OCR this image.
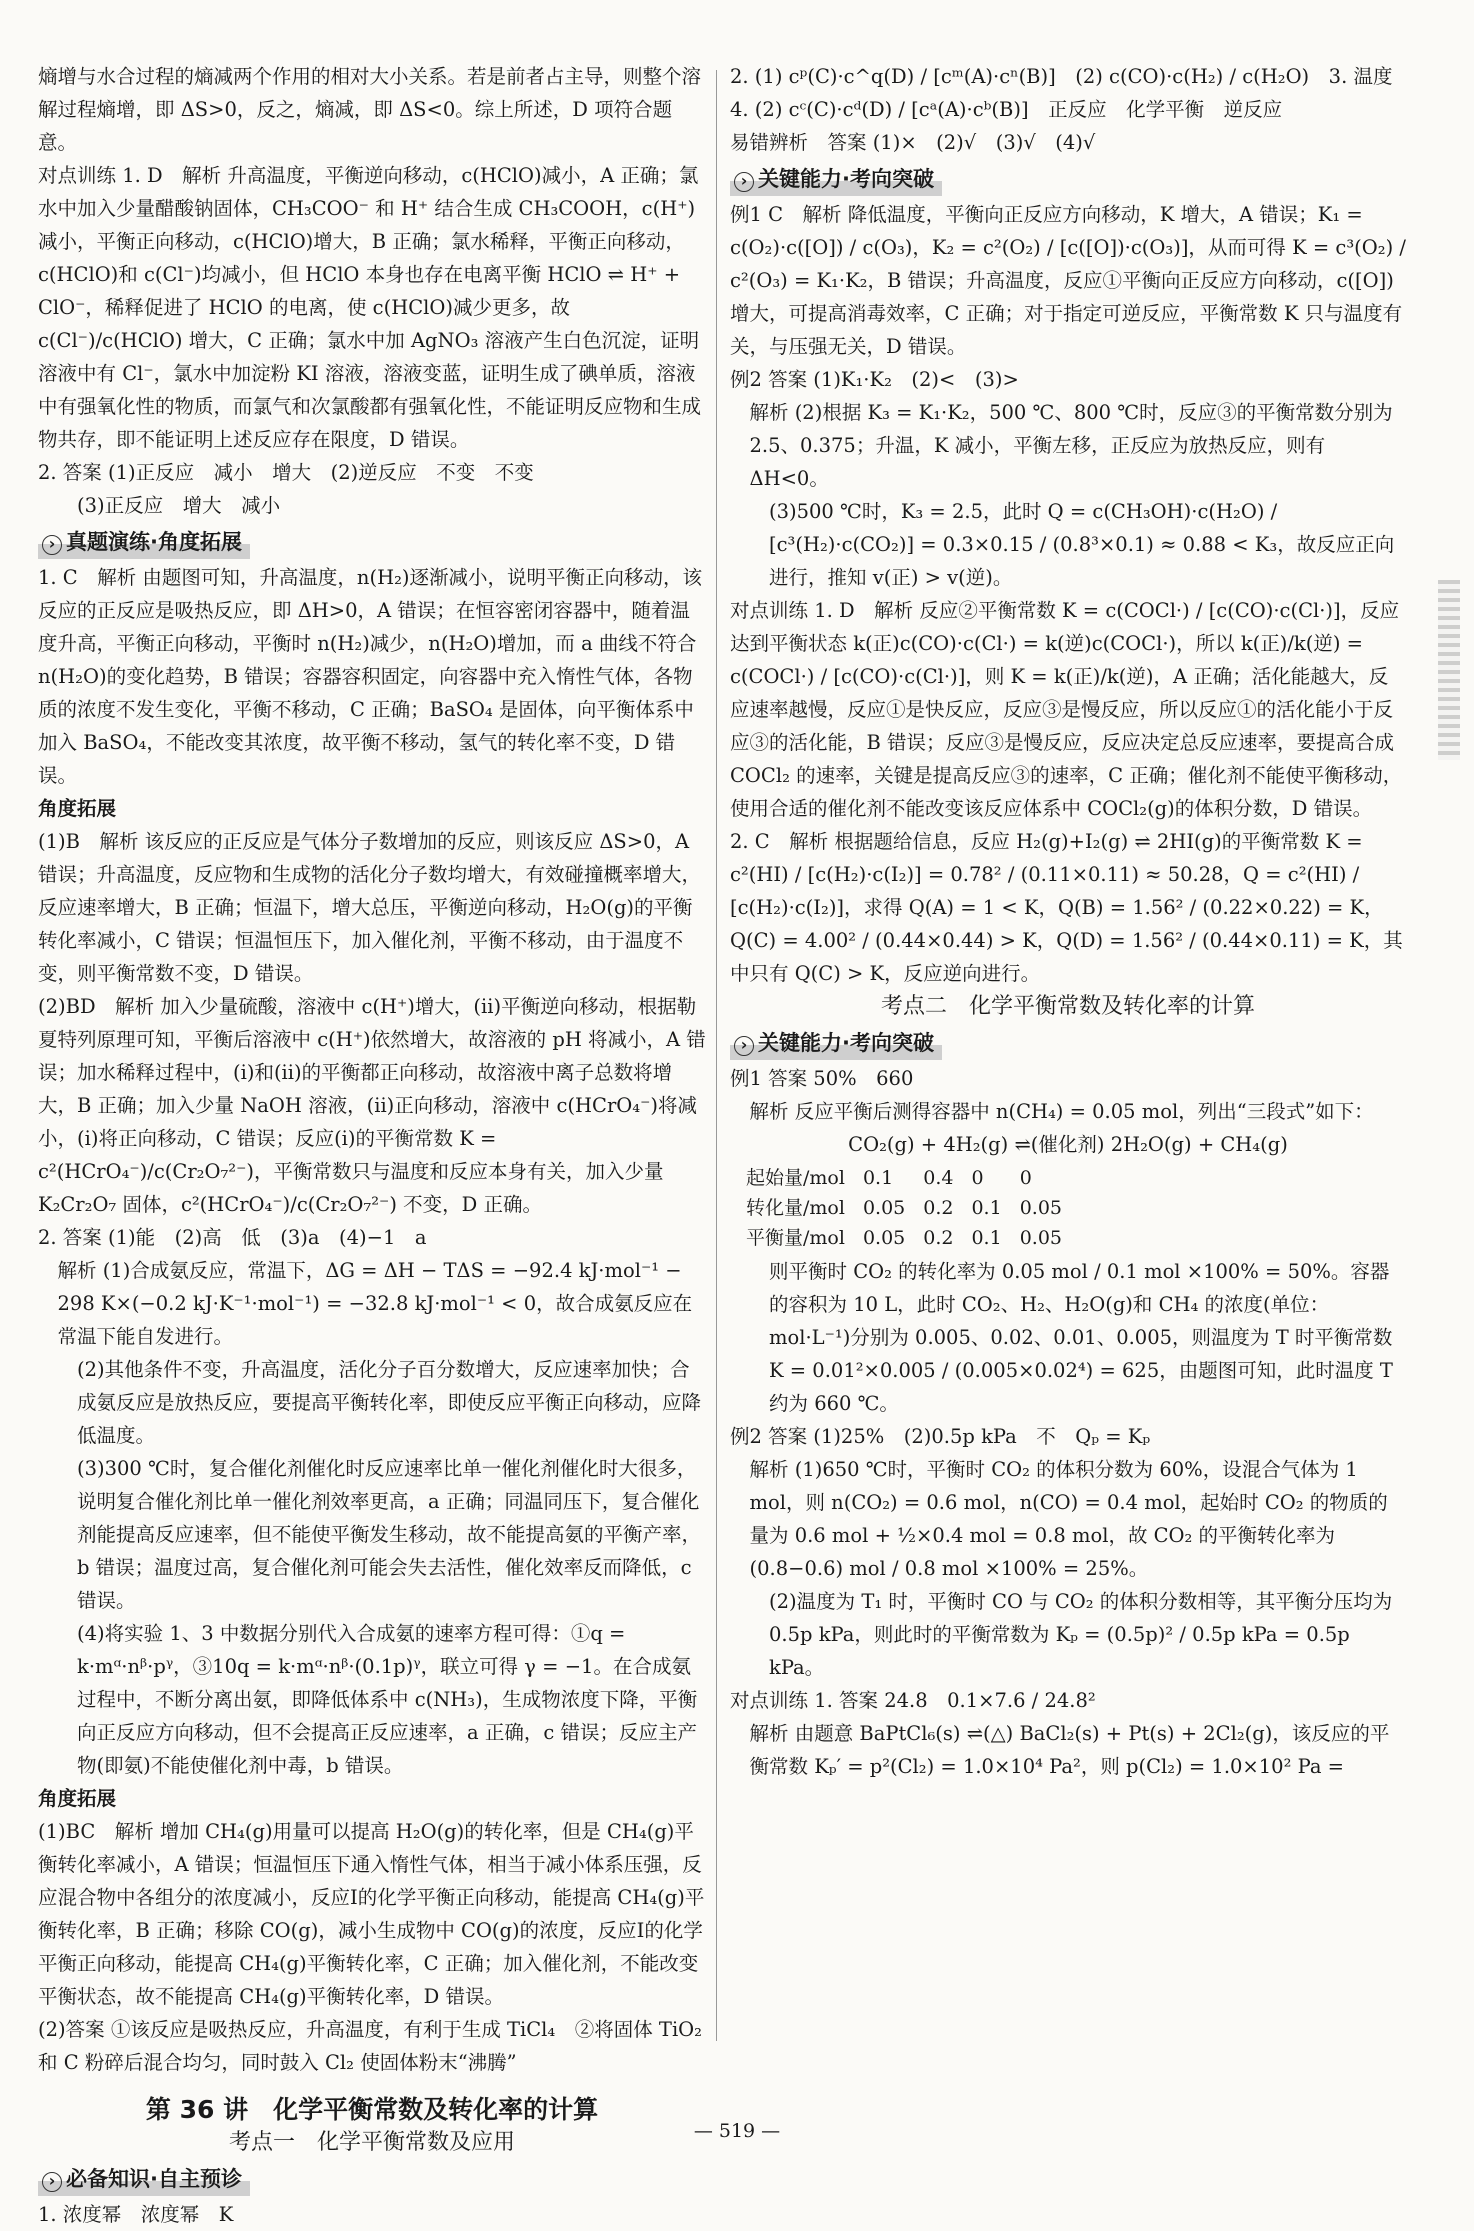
熵增与水合过程的熵减两个作用的相对大小关系。若是前者占主导，则整个溶解过程熵增，即 ΔS>0，反之，熵减，即 ΔS<0。综上所述，D 项符合题意。

对点训练 1. D　解析 升高温度，平衡逆向移动，c(HClO)减小，A 正确；氯水中加入少量醋酸钠固体，CH₃COO⁻ 和 H⁺ 结合生成 CH₃COOH，c(H⁺)减小，平衡正向移动，c(HClO)增大，B 正确；氯水稀释，平衡正向移动，c(HClO)和 c(Cl⁻)均减小，但 HClO 本身也存在电离平衡 HClO ⇌ H⁺ + ClO⁻，稀释促进了 HClO 的电离，使 c(HClO)减少更多，故 c(Cl⁻)/c(HClO) 增大，C 正确；氯水中加 AgNO₃ 溶液产生白色沉淀，证明溶液中有 Cl⁻，氯水中加淀粉 KI 溶液，溶液变蓝，证明生成了碘单质，溶液中有强氧化性的物质，而氯气和次氯酸都有强氧化性，不能证明反应物和生成物共存，即不能证明上述反应存在限度，D 错误。

2. 答案 (1)正反应　减小　增大　(2)逆反应　不变　不变

(3)正反应　增大　减小

› 真题演练·角度拓展

1. C　解析 由题图可知，升高温度，n(H₂)逐渐减小，说明平衡正向移动，该反应的正反应是吸热反应，即 ΔH>0，A 错误；在恒容密闭容器中，随着温度升高，平衡正向移动，平衡时 n(H₂)减少，n(H₂O)增加，而 a 曲线不符合 n(H₂O)的变化趋势，B 错误；容器容积固定，向容器中充入惰性气体，各物质的浓度不发生变化，平衡不移动，C 正确；BaSO₄ 是固体，向平衡体系中加入 BaSO₄，不能改变其浓度，故平衡不移动，氢气的转化率不变，D 错误。

角度拓展

(1)B　解析 该反应的正反应是气体分子数增加的反应，则该反应 ΔS>0，A 错误；升高温度，反应物和生成物的活化分子数均增大，有效碰撞概率增大，反应速率增大，B 正确；恒温下，增大总压，平衡逆向移动，H₂O(g)的平衡转化率减小，C 错误；恒温恒压下，加入催化剂，平衡不移动，由于温度不变，则平衡常数不变，D 错误。

(2)BD　解析 加入少量硫酸，溶液中 c(H⁺)增大，(ⅱ)平衡逆向移动，根据勒夏特列原理可知，平衡后溶液中 c(H⁺)依然增大，故溶液的 pH 将减小，A 错误；加水稀释过程中，(ⅰ)和(ⅱ)的平衡都正向移动，故溶液中离子总数将增大，B 正确；加入少量 NaOH 溶液，(ⅱ)正向移动，溶液中 c(HCrO₄⁻)将减小，(ⅰ)将正向移动，C 错误；反应(ⅰ)的平衡常数 K = c²(HCrO₄⁻)/c(Cr₂O₇²⁻)，平衡常数只与温度和反应本身有关，加入少量 K₂Cr₂O₇ 固体，c²(HCrO₄⁻)/c(Cr₂O₇²⁻) 不变，D 正确。

2. 答案 (1)能　(2)高　低　(3)a　(4)−1　a

解析 (1)合成氨反应，常温下，ΔG = ΔH − TΔS = −92.4 kJ·mol⁻¹ − 298 K×(−0.2 kJ·K⁻¹·mol⁻¹) = −32.8 kJ·mol⁻¹ < 0，故合成氨反应在常温下能自发进行。

(2)其他条件不变，升高温度，活化分子百分数增大，反应速率加快；合成氨反应是放热反应，要提高平衡转化率，即使反应平衡正向移动，应降低温度。

(3)300 ℃时，复合催化剂催化时反应速率比单一催化剂催化时大很多，说明复合催化剂比单一催化剂效率更高，a 正确；同温同压下，复合催化剂能提高反应速率，但不能使平衡发生移动，故不能提高氨的平衡产率，b 错误；温度过高，复合催化剂可能会失去活性，催化效率反而降低，c 错误。

(4)将实验 1、3 中数据分别代入合成氨的速率方程可得：①q = k·mᵅ·nᵝ·pᵞ，③10q = k·mᵅ·nᵝ·(0.1p)ᵞ，联立可得 γ = −1。在合成氨过程中，不断分离出氨，即降低体系中 c(NH₃)，生成物浓度下降，平衡向正反应方向移动，但不会提高正反应速率，a 正确，c 错误；反应主产物(即氨)不能使催化剂中毒，b 错误。

角度拓展

(1)BC　解析 增加 CH₄(g)用量可以提高 H₂O(g)的转化率，但是 CH₄(g)平衡转化率减小，A 错误；恒温恒压下通入惰性气体，相当于减小体系压强，反应混合物中各组分的浓度减小，反应Ⅰ的化学平衡正向移动，能提高 CH₄(g)平衡转化率，B 正确；移除 CO(g)，减小生成物中 CO(g)的浓度，反应Ⅰ的化学平衡正向移动，能提高 CH₄(g)平衡转化率，C 正确；加入催化剂，不能改变平衡状态，故不能提高 CH₄(g)平衡转化率，D 错误。

(2)答案 ①该反应是吸热反应，升高温度，有利于生成 TiCl₄　②将固体 TiO₂ 和 C 粉碎后混合均匀，同时鼓入 Cl₂ 使固体粉末“沸腾”

第 36 讲　化学平衡常数及转化率的计算
考点一　化学平衡常数及应用
› 必备知识·自主预诊

1. 浓度幂　浓度幂　K

2. (1) cᵖ(C)·c^q(D) / [cᵐ(A)·cⁿ(B)]　(2) c(CO)·c(H₂) / c(H₂O)　3. 温度

4. (2) cᶜ(C)·cᵈ(D) / [cᵃ(A)·cᵇ(B)]　正反应　化学平衡　逆反应

易错辨析　答案 (1)×　(2)√　(3)√　(4)√

› 关键能力·考向突破

例1 C　解析 降低温度，平衡向正反应方向移动，K 增大，A 错误；K₁ = c(O₂)·c([O]) / c(O₃)，K₂ = c²(O₂) / [c([O])·c(O₃)]，从而可得 K = c³(O₂) / c²(O₃) = K₁·K₂，B 错误；升高温度，反应①平衡向正反应方向移动，c([O])增大，可提高消毒效率，C 正确；对于指定可逆反应，平衡常数 K 只与温度有关，与压强无关，D 错误。

例2 答案 (1)K₁·K₂　(2)<　(3)>

解析 (2)根据 K₃ = K₁·K₂，500 ℃、800 ℃时，反应③的平衡常数分别为 2.5、0.375；升温，K 减小，平衡左移，正反应为放热反应，则有 ΔH<0。

(3)500 ℃时，K₃ = 2.5，此时 Q = c(CH₃OH)·c(H₂O) / [c³(H₂)·c(CO₂)] = 0.3×0.15 / (0.8³×0.1) ≈ 0.88 < K₃，故反应正向进行，推知 v(正) > v(逆)。

对点训练 1. D　解析 反应②平衡常数 K = c(COCl·) / [c(CO)·c(Cl·)]，反应达到平衡状态 k(正)c(CO)·c(Cl·) = k(逆)c(COCl·)，所以 k(正)/k(逆) = c(COCl·) / [c(CO)·c(Cl·)]，则 K = k(正)/k(逆)，A 正确；活化能越大，反应速率越慢，反应①是快反应，反应③是慢反应，所以反应①的活化能小于反应③的活化能，B 错误；反应③是慢反应，反应决定总反应速率，要提高合成 COCl₂ 的速率，关键是提高反应③的速率，C 正确；催化剂不能使平衡移动，使用合适的催化剂不能改变该反应体系中 COCl₂(g)的体积分数，D 错误。

2. C　解析 根据题给信息，反应 H₂(g)+I₂(g) ⇌ 2HI(g)的平衡常数 K = c²(HI) / [c(H₂)·c(I₂)] = 0.78² / (0.11×0.11) ≈ 50.28，Q = c²(HI) / [c(H₂)·c(I₂)]，求得 Q(A) = 1 < K，Q(B) = 1.56² / (0.22×0.22) = K，Q(C) = 4.00² / (0.44×0.44) > K，Q(D) = 1.56² / (0.44×0.11) = K，其中只有 Q(C) > K，反应逆向进行。

考点二　化学平衡常数及转化率的计算
› 关键能力·考向突破

例1 答案 50%　660

解析 反应平衡后测得容器中 n(CH₄) = 0.05 mol，列出“三段式”如下：

CO₂(g) + 4H₂(g) ⇌(催化剂) 2H₂O(g) + CH₄(g)

起始量/mol	0.1	0.4	0	0
转化量/mol	0.05	0.2	0.1	0.05
平衡量/mol	0.05	0.2	0.1	0.05

则平衡时 CO₂ 的转化率为 0.05 mol / 0.1 mol ×100% = 50%。容器的容积为 10 L，此时 CO₂、H₂、H₂O(g)和 CH₄ 的浓度(单位：mol·L⁻¹)分别为 0.005、0.02、0.01、0.005，则温度为 T 时平衡常数 K = 0.01²×0.005 / (0.005×0.02⁴) = 625，由题图可知，此时温度 T 约为 660 ℃。

例2 答案 (1)25%　(2)0.5p kPa　不　Qₚ = Kₚ

解析 (1)650 ℃时，平衡时 CO₂ 的体积分数为 60%，设混合气体为 1 mol，则 n(CO₂) = 0.6 mol，n(CO) = 0.4 mol，起始时 CO₂ 的物质的量为 0.6 mol + ½×0.4 mol = 0.8 mol，故 CO₂ 的平衡转化率为 (0.8−0.6) mol / 0.8 mol ×100% = 25%。

(2)温度为 T₁ 时，平衡时 CO 与 CO₂ 的体积分数相等，其平衡分压均为 0.5p kPa，则此时的平衡常数为 Kₚ = (0.5p)² / 0.5p kPa = 0.5p kPa。

对点训练 1. 答案 24.8　0.1×7.6 / 24.8²

解析 由题意 BaPtCl₆(s) ⇌(△) BaCl₂(s) + Pt(s) + 2Cl₂(g)，该反应的平衡常数 Kₚ′ = p²(Cl₂) = 1.0×10⁴ Pa²，则 p(Cl₂) = 1.0×10² Pa =

— 519 —
